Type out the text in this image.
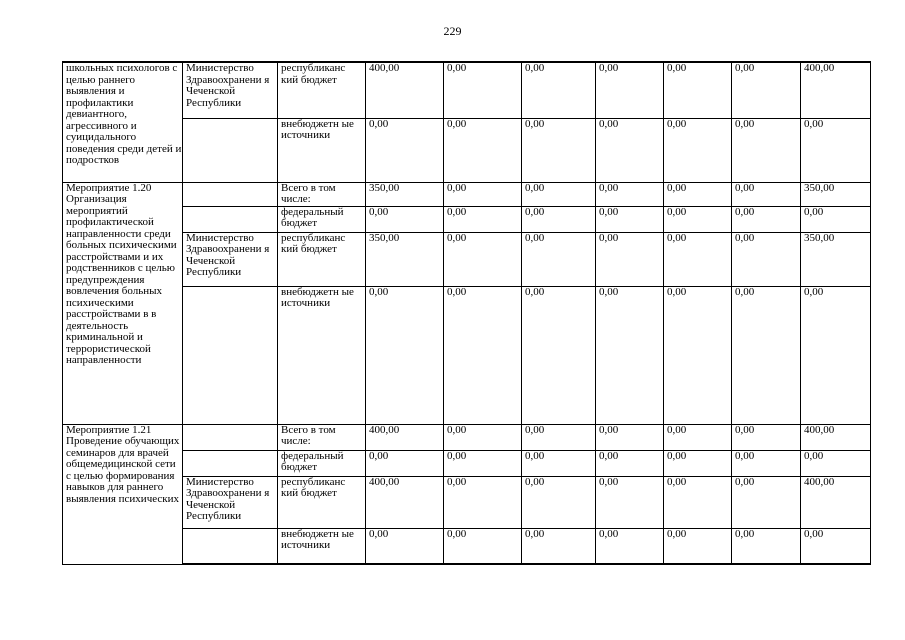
229
школьных психологов с целью раннего выявления и профилактики девиантного, агрессивного и суицидального поведения среди детей и подростков	Министерство Здравоохранени я Чеченской Республики	республиканс кий бюджет	400,00	0,00	0,00	0,00	0,00	0,00	400,00
		внебюджетн ые источники	0,00	0,00	0,00	0,00	0,00	0,00	0,00
Мероприятие 1.20 Организация мероприятий профилактической направленности среди больных психическими расстройствами и их родственников с целью предупреждения вовлечения больных психическими расстройствами в в деятельность криминальной и террористической направленности		Всего в том числе:	350,00	0,00	0,00	0,00	0,00	0,00	350,00
		федеральный бюджет	0,00	0,00	0,00	0,00	0,00	0,00	0,00
	Министерство Здравоохранени я Чеченской Республики	республиканс кий бюджет	350,00	0,00	0,00	0,00	0,00	0,00	350,00
		внебюджетн ые источники	0,00	0,00	0,00	0,00	0,00	0,00	0,00
Мероприятие 1.21 Проведение обучающих семинаров для врачей общемедицинской сети с целью формирования навыков для раннего выявления психических		Всего в том числе:	400,00	0,00	0,00	0,00	0,00	0,00	400,00
		федеральный бюджет	0,00	0,00	0,00	0,00	0,00	0,00	0,00
	Министерство Здравоохранени я Чеченской Республики	республиканс кий бюджет	400,00	0,00	0,00	0,00	0,00	0,00	400,00
		внебюджетн ые источники	0,00	0,00	0,00	0,00	0,00	0,00	0,00
